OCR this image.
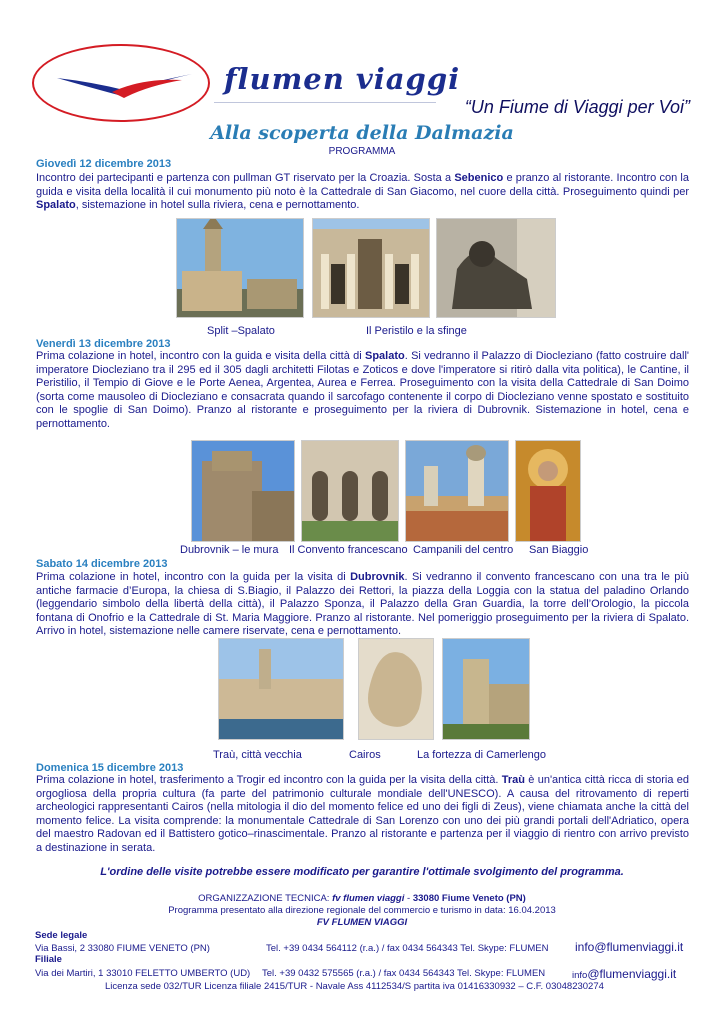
flumen viaggi
“Un Fiume di Viaggi per Voi”
Alla scoperta della Dalmazia
PROGRAMMA
Giovedì 12 dicembre 2013
Incontro dei partecipanti e partenza con pullman GT riservato per la Croazia. Sosta a Sebenico e pranzo al ristorante. Incontro con la guida e visita della località il cui monumento più noto è la Cattedrale di San Giacomo, nel cuore della città. Proseguimento quindi per Spalato, sistemazione in hotel sulla riviera, cena e pernottamento.
Split –Spalato	Il Peristilo e la sfinge
Venerdì 13 dicembre 2013
Prima colazione in hotel, incontro con la guida e visita della città di Spalato. Si vedranno il Palazzo di Diocleziano (fatto costruire dall' imperatore Diocleziano tra il 295 ed il 305 dagli architetti Filotas e Zoticos e dove l'imperatore si ritirò dalla vita politica), le Cantine, il Peristilio, il Tempio di Giove e le Porte Aenea, Argentea, Aurea e Ferrea. Proseguimento con la visita della Cattedrale di San Doimo (sorta come mausoleo di Diocleziano e consacrata quando il sarcofago contenente il corpo di Diocleziano venne spostato e sostituito con le spoglie di San Doimo). Pranzo al ristorante e proseguimento per la riviera di Dubrovnik. Sistemazione in hotel, cena e pernottamento.
Dubrovnik – le mura Il Convento francescano Campanili del centro San Biaggio
Sabato 14 dicembre 2013
Prima colazione in hotel, incontro con la guida per la visita di Dubrovnik. Si vedranno il convento francescano con una tra le più antiche farmacie d’Europa, la chiesa di S.Biagio, il Palazzo dei Rettori, la piazza della Loggia con la statua del paladino Orlando (leggendario simbolo della libertà della città), il Palazzo Sponza, il Palazzo della Gran Guardia, la torre dell’Orologio, la piccola fontana di Onofrio e la Cattedrale di St. Maria Maggiore. Pranzo al ristorante. Nel pomeriggio proseguimento per la riviera di Spalato. Arrivo in hotel, sistemazione nelle camere riservate, cena e pernottamento.
Traù, città vecchia	Cairos	La fortezza di Camerlengo
Domenica 15 dicembre 2013
Prima colazione in hotel, trasferimento a Trogir ed incontro con la guida per la visita della città. Traù è un'antica città ricca di storia ed orgogliosa della propria cultura (fa parte del patrimonio culturale mondiale dell'UNESCO). A causa del ritrovamento di reperti archeologici rappresentanti Cairos (nella mitologia il dio del momento felice ed uno dei figli di Zeus), viene chiamata anche la città del momento felice. La visita comprende: la monumentale Cattedrale di San Lorenzo con uno dei più grandi portali dell'Adriatico, opera del maestro Radovan ed il Battistero gotico–rinascimentale. Pranzo al ristorante e partenza per il viaggio di rientro con arrivo previsto a destinazione in serata.
L'ordine delle visite potrebbe essere modificato per garantire l'ottimale svolgimento del programma.
ORGANIZZAZIONE TECNICA: fv flumen viaggi - 33080 Fiume Veneto (PN)
Programma presentato alla direzione regionale del commercio e turismo in data: 16.04.2013
FV FLUMEN VIAGGI
Sede legale
Via Bassi, 2 33080 FIUME VENETO (PN)	Tel. +39 0434 564112 (r.a.) / fax 0434 564343 Tel. Skype: FLUMEN info@flumenviaggi.it
Filiale
Via dei Martiri, 1 33010 FELETTO UMBERTO (UD) Tel. +39 0432 575565 (r.a.) / fax 0434 564343 Tel. Skype: FLUMEN	info@flumenviaggi.it
Licenza sede 032/TUR Licenza filiale 2415/TUR - Navale Ass 4112534/S partita iva 01416330932 – C.F. 03048230274
